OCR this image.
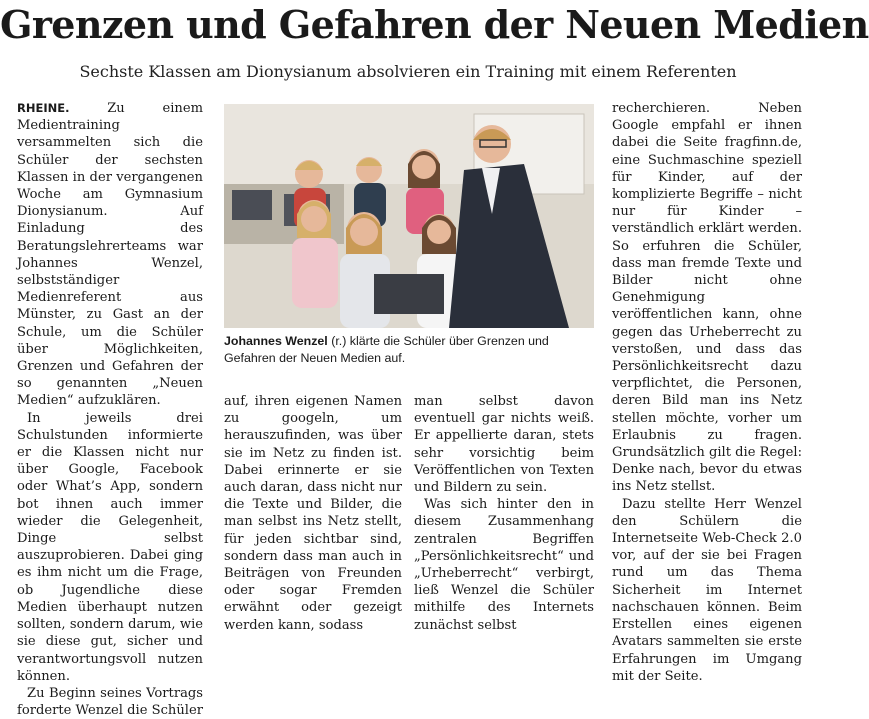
Grenzen und Gefahren der Neuen Medien
Sechste Klassen am Dionysianum absolvieren ein Training mit einem Referenten

RHEINE. Zu einem Medientraining versammelten sich die Schüler der sechsten Klassen in der vergangenen Woche am Gymnasium Dionysianum. Auf Einladung des Beratungslehrerteams war Johannes Wenzel, selbstständiger Medienreferent aus Münster, zu Gast an der Schule, um die Schüler über Möglichkeiten, Grenzen und Gefahren der so genannten „Neuen Medien“ aufzuklären.

In jeweils drei Schulstunden informierte er die Klassen nicht nur über Google, Facebook oder What’s App, sondern bot ihnen auch immer wieder die Gelegenheit, Dinge selbst auszuprobieren. Dabei ging es ihm nicht um die Frage, ob Jugendliche diese Medien überhaupt nutzen sollten, sondern darum, wie sie diese gut, sicher und verantwortungsvoll nutzen können.

Zu Beginn seines Vortrags forderte Wenzel die Schüler

Johannes Wenzel (r.) klärte die Schüler über Grenzen und Gefahren der Neuen Medien auf.

auf, ihren eigenen Namen zu googeln, um herauszufinden, was über sie im Netz zu finden ist. Dabei erinnerte er sie auch daran, dass nicht nur die Texte und Bilder, die man selbst ins Netz stellt, für jeden sichtbar sind, sondern dass man auch in Beiträgen von Freunden oder sogar Fremden erwähnt oder gezeigt werden kann, sodass

man selbst davon eventuell gar nichts weiß. Er appellierte daran, stets sehr vorsichtig beim Veröffentlichen von Texten und Bildern zu sein.

Was sich hinter den in diesem Zusammenhang zentralen Begriffen „Persönlichkeitsrecht“ und „Urheberrecht“ verbirgt, ließ Wenzel die Schüler mithilfe des Internets zunächst selbst

recherchieren. Neben Google empfahl er ihnen dabei die Seite fragfinn.de, eine Suchmaschine speziell für Kinder, auf der komplizierte Begriffe – nicht nur für Kinder – verständlich erklärt werden. So erfuhren die Schüler, dass man fremde Texte und Bilder nicht ohne Genehmigung veröffentlichen kann, ohne gegen das Urheberrecht zu verstoßen, und dass das Persönlichkeitsrecht dazu verpflichtet, die Personen, deren Bild man ins Netz stellen möchte, vorher um Erlaubnis zu fragen. Grundsätzlich gilt die Regel: Denke nach, bevor du etwas ins Netz stellst.

Dazu stellte Herr Wenzel den Schülern die Internetseite Web-Check 2.0 vor, auf der sie bei Fragen rund um das Thema Sicherheit im Internet nachschauen können. Beim Erstellen eines eigenen Avatars sammelten sie erste Erfahrungen im Umgang mit der Seite.
